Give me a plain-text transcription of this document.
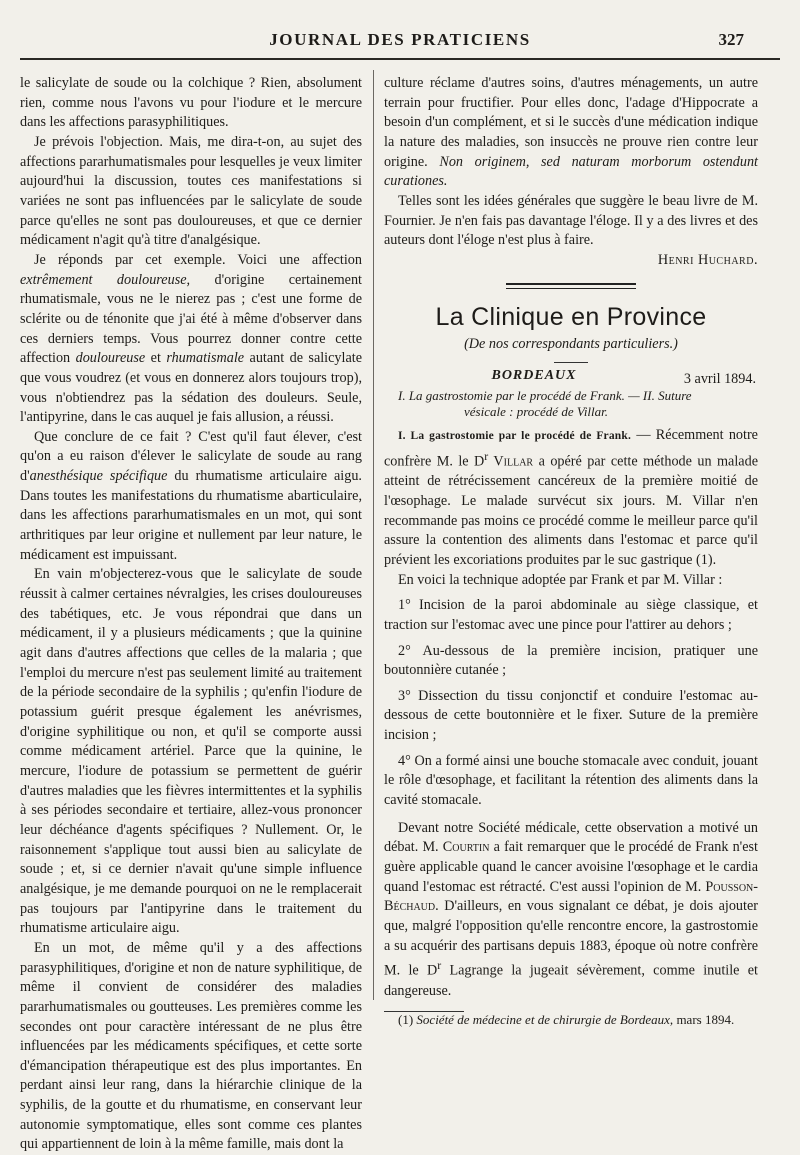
JOURNAL DES PRATICIENS	327

le salicylate de soude ou la colchique ? Rien, absolument rien, comme nous l'avons vu pour l'iodure et le mercure dans les affections parasyphilitiques.

Je prévois l'objection. Mais, me dira-t-on, au sujet des affections pararhumatismales pour lesquelles je veux limiter aujourd'hui la discussion, toutes ces manifestations si variées ne sont pas influencées par le salicylate de soude parce qu'elles ne sont pas douloureuses, et que ce dernier médicament n'agit qu'à titre d'analgésique.

Je réponds par cet exemple. Voici une affection extrêmement douloureuse, d'origine certainement rhumatismale, vous ne le nierez pas ; c'est une forme de sclérite ou de ténonite que j'ai été à même d'observer dans ces derniers temps. Vous pourrez donner contre cette affection douloureuse et rhumatismale autant de salicylate que vous voudrez (et vous en donnerez alors toujours trop), vous n'obtiendrez pas la sédation des douleurs. Seule, l'antipyrine, dans le cas auquel je fais allusion, a réussi.

Que conclure de ce fait ? C'est qu'il faut élever, c'est qu'on a eu raison d'élever le salicylate de soude au rang d'anesthésique spécifique du rhumatisme articulaire aigu. Dans toutes les manifestations du rhumatisme abarticulaire, dans les affections pararhumatismales en un mot, qui sont arthritiques par leur origine et nullement par leur nature, le médicament est impuissant.

En vain m'objecterez-vous que le salicylate de soude réussit à calmer certaines névralgies, les crises douloureuses des tabétiques, etc. Je vous répondrai que dans un médicament, il y a plusieurs médicaments ; que la quinine agit dans d'autres affections que celles de la malaria ; que l'emploi du mercure n'est pas seulement limité au traitement de la période secondaire de la syphilis ; qu'enfin l'iodure de potassium guérit presque également les anévrismes, d'origine syphilitique ou non, et qu'il se comporte aussi comme médicament artériel. Parce que la quinine, le mercure, l'iodure de potassium se permettent de guérir d'autres maladies que les fièvres intermittentes et la syphilis à ses périodes secondaire et tertiaire, allez-vous prononcer leur déchéance d'agents spécifiques ? Nullement. Or, le raisonnement s'applique tout aussi bien au salicylate de soude ; et, si ce dernier n'avait qu'une simple influence analgésique, je me demande pourquoi on ne le remplacerait pas toujours par l'antipyrine dans le traitement du rhumatisme articulaire aigu.

En un mot, de même qu'il y a des affections parasyphilitiques, d'origine et non de nature syphilitique, de même il convient de considérer des maladies pararhumatismales ou goutteuses. Les premières comme les secondes ont pour caractère intéressant de ne plus être influencées par les médicaments spécifiques, et cette sorte d'émancipation thérapeutique est des plus importantes. En perdant ainsi leur rang, dans la hiérarchie clinique de la syphilis, de la goutte et du rhumatisme, en conservant leur autonomie symptomatique, elles sont comme ces plantes qui appartiennent de loin à la même famille, mais dont la

culture réclame d'autres soins, d'autres ménagements, un autre terrain pour fructifier. Pour elles donc, l'adage d'Hippocrate a besoin d'un complément, et si le succès d'une médication indique la nature des maladies, son insuccès ne prouve rien contre leur origine. Non originem, sed naturam morborum ostendunt curationes.

Telles sont les idées générales que suggère le beau livre de M. Fournier. Je n'en fais pas davantage l'éloge. Il y a des livres et des auteurs dont l'éloge n'est plus à faire.

Henri Huchard.

La Clinique en Province
(De nos correspondants particuliers.)
BORDEAUX	3 avril 1894.

I. La gastrostomie par le procédé de Frank. — II. Suture
vésicale : procédé de Villar.

I. La gastrostomie par le procédé de Frank. — Récemment notre confrère M. le $D^r$ Villar a opéré par cette méthode un malade atteint de rétrécissement cancéreux de la première moitié de l'œsophage. Le malade survécut six jours. M. Villar n'en recommande pas moins ce procédé comme le meilleur parce qu'il assure la contention des aliments dans l'estomac et parce qu'il prévient les excoriations produites par le suc gastrique (1).

En voici la technique adoptée par Frank et par M. Villar :

1° Incision de la paroi abdominale au siège classique, et traction sur l'estomac avec une pince pour l'attirer au dehors ;

2° Au-dessous de la première incision, pratiquer une boutonnière cutanée ;

3° Dissection du tissu conjonctif et conduire l'estomac au-dessous de cette boutonnière et le fixer. Suture de la première incision ;

4° On a formé ainsi une bouche stomacale avec conduit, jouant le rôle d'œsophage, et facilitant la rétention des aliments dans la cavité stomacale.

Devant notre Société médicale, cette observation a motivé un débat. M. Courtin a fait remarquer que le procédé de Frank n'est guère applicable quand le cancer avoisine l'œsophage et le cardia quand l'estomac est rétracté. C'est aussi l'opinion de M. Pousson-Béchaud. D'ailleurs, en vous signalant ce débat, je dois ajouter que, malgré l'opposition qu'elle rencontre encore, la gastrostomie a su acquérir des partisans depuis 1883, époque où notre confrère M. le $D^r$ Lagrange la jugeait sévèrement, comme inutile et dangereuse.

(1) Société de médecine et de chirurgie de Bordeaux, mars 1894.
